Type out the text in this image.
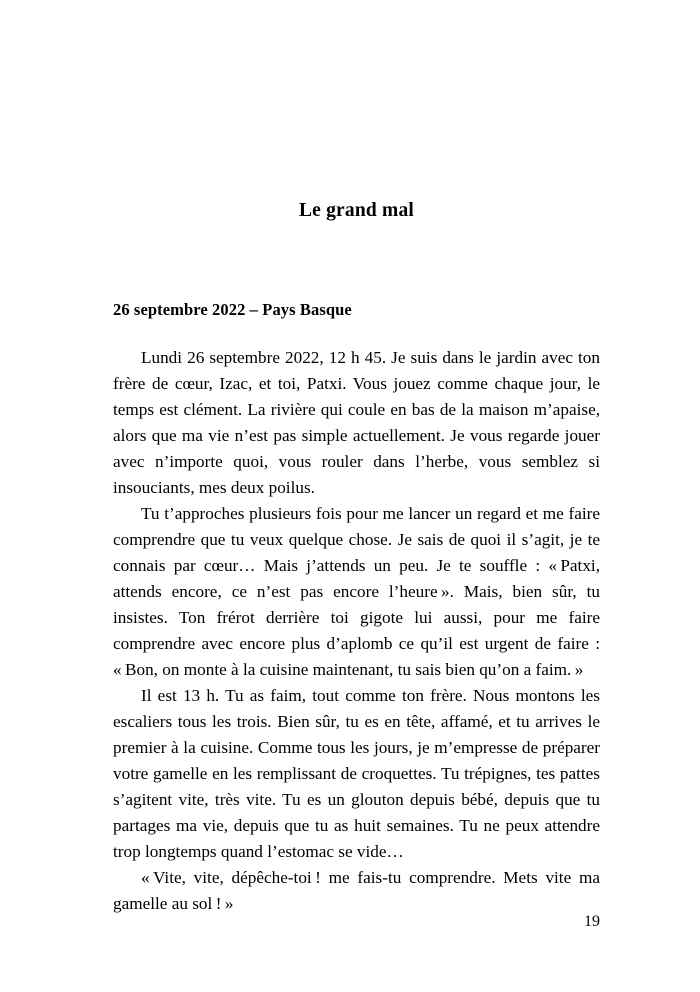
Le grand mal
26 septembre 2022 – Pays Basque

Lundi 26 septembre 2022, 12 h 45. Je suis dans le jardin avec ton frère de cœur, Izac, et toi, Patxi. Vous jouez comme chaque jour, le temps est clément. La rivière qui coule en bas de la maison m’apaise, alors que ma vie n’est pas simple actuellement. Je vous regarde jouer avec n’importe quoi, vous rouler dans l’herbe, vous semblez si insouciants, mes deux poilus.

Tu t’approches plusieurs fois pour me lancer un regard et me faire comprendre que tu veux quelque chose. Je sais de quoi il s’agit, je te connais par cœur… Mais j’attends un peu. Je te souffle : « Patxi, attends encore, ce n’est pas encore l’heure ». Mais, bien sûr, tu insistes. Ton frérot derrière toi gigote lui aussi, pour me faire comprendre avec encore plus d’aplomb ce qu’il est urgent de faire : « Bon, on monte à la cuisine maintenant, tu sais bien qu’on a faim. »

Il est 13 h. Tu as faim, tout comme ton frère. Nous montons les escaliers tous les trois. Bien sûr, tu es en tête, affamé, et tu arrives le premier à la cuisine. Comme tous les jours, je m’empresse de préparer votre gamelle en les remplissant de croquettes. Tu trépignes, tes pattes s’agitent vite, très vite. Tu es un glouton depuis bébé, depuis que tu partages ma vie, depuis que tu as huit semaines. Tu ne peux attendre trop longtemps quand l’estomac se vide…

« Vite, vite, dépêche-toi ! me fais-tu comprendre. Mets vite ma gamelle au sol ! »

19
